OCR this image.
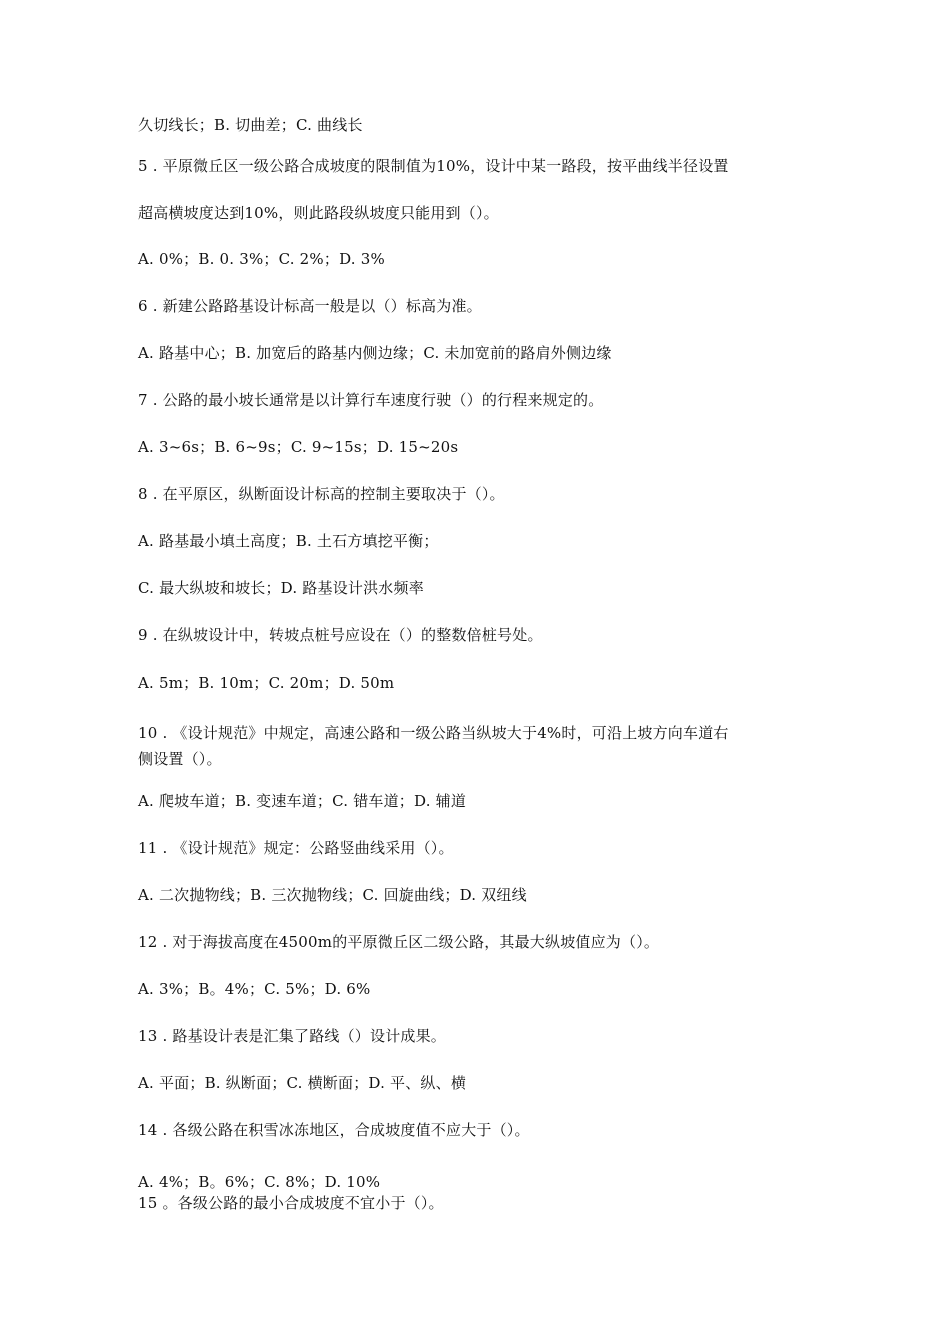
久切线长；B. 切曲差；C. 曲线长
5 . 平原微丘区一级公路合成坡度的限制值为10%，设计中某一路段，按平曲线半径设置
超高横坡度达到10%，则此路段纵坡度只能用到（）。
A. 0%；B. 0. 3%；C. 2%；D. 3%
6 . 新建公路路基设计标高一般是以（）标高为准。
A. 路基中心；B. 加宽后的路基内侧边缘；C. 未加宽前的路肩外侧边缘
7 . 公路的最小坡长通常是以计算行车速度行驶（）的行程来规定的。
A. 3~6s；B. 6~9s；C. 9~15s；D. 15~20s
8 . 在平原区，纵断面设计标高的控制主要取决于（）。
A. 路基最小填土高度；B. 土石方填挖平衡；
C. 最大纵坡和坡长；D. 路基设计洪水频率
9 . 在纵坡设计中，转坡点桩号应设在（）的整数倍桩号处。
A. 5m；B. 10m；C. 20m；D. 50m
10 . 《设计规范》中规定，高速公路和一级公路当纵坡大于4%时，可沿上坡方向车道右
侧设置（）。
A. 爬坡车道；B. 变速车道；C. 错车道；D. 辅道
11 . 《设计规范》规定：公路竖曲线采用（）。
A. 二次抛物线；B. 三次抛物线；C. 回旋曲线；D. 双纽线
12 . 对于海拔高度在4500m的平原微丘区二级公路，其最大纵坡值应为（）。
A. 3%；B。4%；C. 5%；D. 6%
13 . 路基设计表是汇集了路线（）设计成果。
A. 平面；B. 纵断面；C. 横断面；D. 平、纵、横
14 . 各级公路在积雪冰冻地区，合成坡度值不应大于（）。
A. 4%；B。6%；C. 8%；D. 10%
15 。各级公路的最小合成坡度不宜小于（）。
